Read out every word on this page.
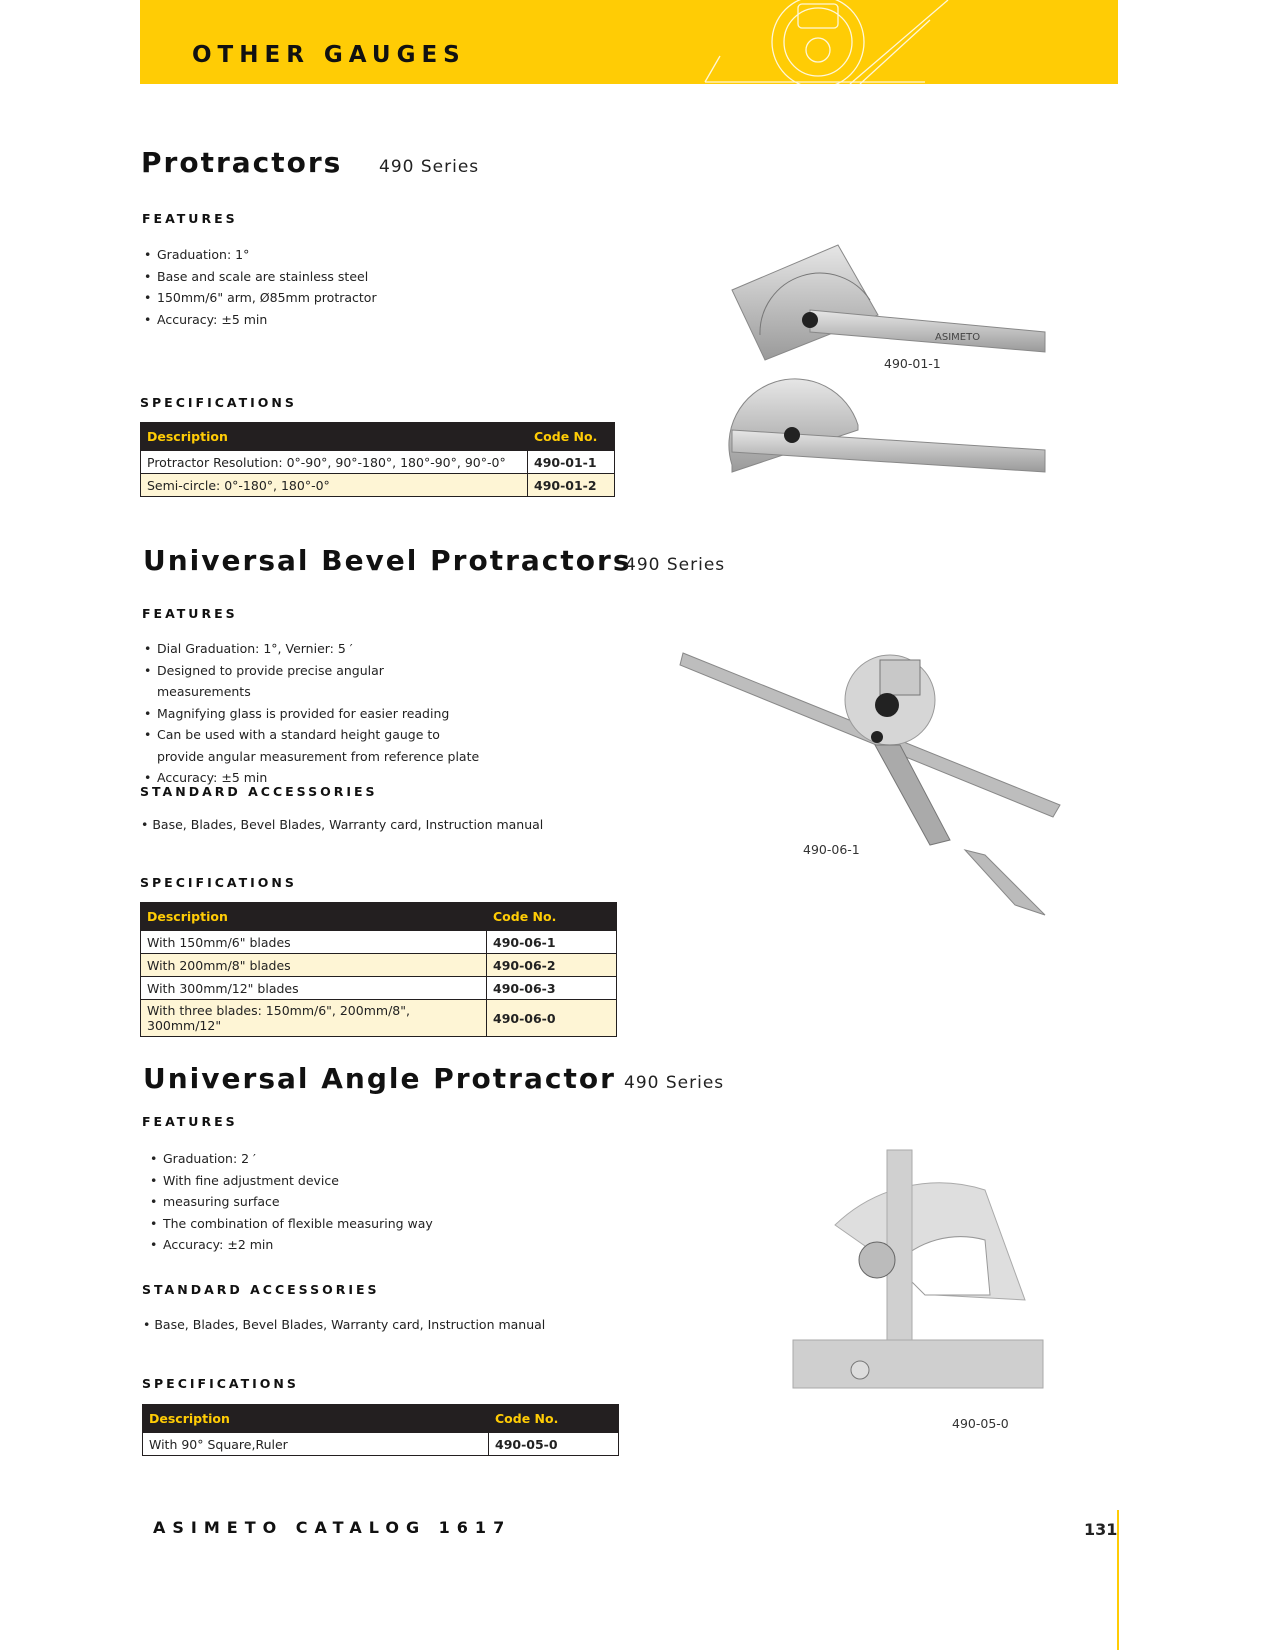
OTHER GAUGES
Protractors 490 Series
FEATURES
• Graduation: 1°
• Base and scale are stainless steel
• 150mm/6" arm, Ø85mm protractor
• Accuracy: ±5 min
SPECIFICATIONS
Description	Code No.
Protractor Resolution: 0°-90°, 90°-180°, 180°-90°, 90°-0°	490-01-1
Semi-circle: 0°-180°, 180°-0°	490-01-2
ASIMETO
490-01-1
Universal Bevel Protractors
490 Series
FEATURES
• Dial Graduation: 1°, Vernier: 5 ′
• Designed to provide precise angular measurements
• Magnifying glass is provided for easier reading
• Can be used with a standard height gauge to provide angular measurement from reference plate
• Accuracy: ±5 min
STANDARD ACCESSORIES
• Base, Blades, Bevel Blades, Warranty card, Instruction manual
SPECIFICATIONS
Description	Code No.
With 150mm/6" blades	490-06-1
With 200mm/8" blades	490-06-2
With 300mm/12" blades	490-06-3
With three blades: 150mm/6", 200mm/8", 300mm/12"	490-06-0
490-06-1
Universal Angle Protractor 490 Series
FEATURES
• Graduation: 2 ′
• With fine adjustment device
• measuring surface
• The combination of flexible measuring way
• Accuracy: ±2 min
STANDARD ACCESSORIES
• Base, Blades, Bevel Blades, Warranty card, Instruction manual
SPECIFICATIONS
Description	Code No.
With 90° Square,Ruler	490-05-0
490-05-0
ASIMETO CATALOG 1617	131
